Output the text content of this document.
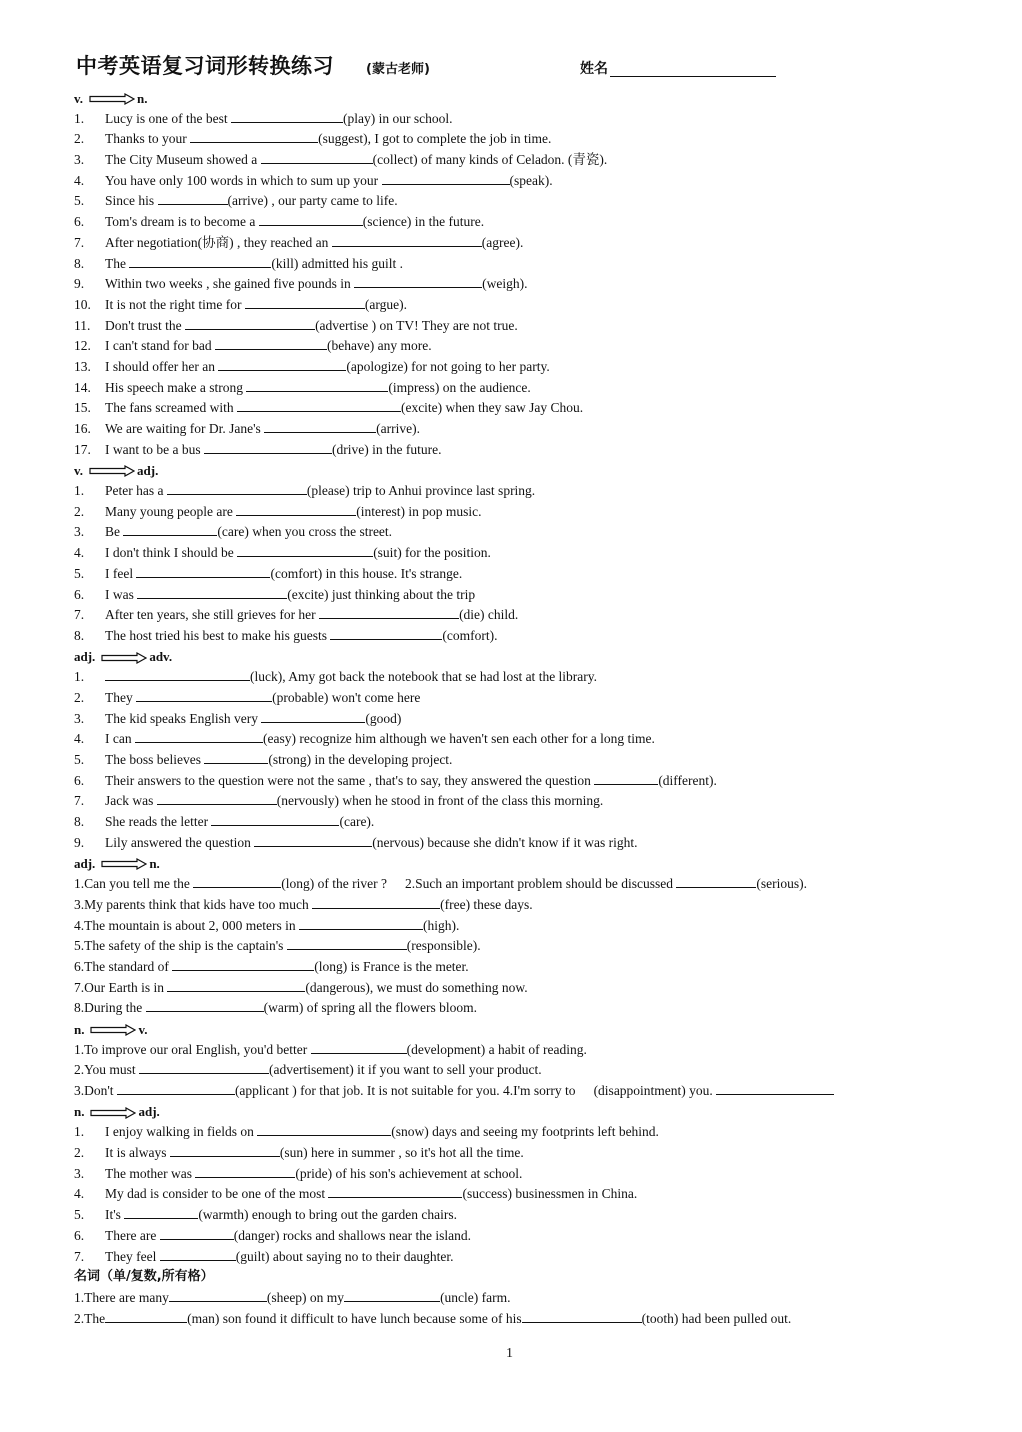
中考英语复习词形转换练习 (蒙古老师)	姓名
v.	n.
1. Lucy is one of the best	(play) in our school.
2. Thanks to your	(suggest), I got to complete the job in time.
3. The City Museum showed a	(collect) of many kinds of Celadon. (青瓷).
4. You have only 100 words in which to sum up your	(speak).
5. Since his	(arrive) , our party came to life.
6. Tom's dream is to become a	(science) in the future.
7. After negotiation(协商) , they reached an	(agree).
8. The	(kill) admitted his guilt .
9. Within two weeks , she gained five pounds in	(weigh).
10. It is not the right time for	(argue).
11. Don't trust the	(advertise ) on TV! They are not true.
12. I can't stand for bad	(behave) any more.
13. I should offer her an	(apologize) for not going to her party.
14. His speech make a strong	(impress) on the audience.
15. The fans screamed with	(excite) when they saw Jay Chou.
16. We are waiting for Dr. Jane's	(arrive).
17. I want to be a bus	(drive) in the future.
v.	adj.
1. Peter has a	(please) trip to Anhui province last spring.
2. Many young people are	(interest) in pop music.
3. Be	(care) when you cross the street.
4. I don't think I should be	(suit) for the position.
5. I feel	(comfort) in this house. It's strange.
6. I was	(excite) just thinking about the trip
7. After ten years, she still grieves for her	(die) child.
8. The host tried his best to make his guests	(comfort).
adj.	adv.
1.	(luck), Amy got back the notebook that se had lost at the library.
2. They	(probable) won't come here
3. The kid speaks English very	(good)
4. I can	(easy) recognize him although we haven't sen each other for a long time.
5. The boss believes	(strong) in the developing project.
6. Their answers to the question were not the same , that's to say, they answered the question	(different).
7. Jack was	(nervously) when he stood in front of the class this morning.
8. She reads the letter	(care).
9. Lily answered the question	(nervous) because she didn't know if it was right.
adj.	n.
1.Can you tell me the	(long) of the river ? 2.Such an important problem should be discussed	(serious).
3.My parents think that kids have too much	(free) these days.
4.The mountain is about 2, 000 meters in	(high).
5.The safety of the ship is the captain's	(responsible).
6.The standard of	(long) is France is the meter.
7.Our Earth is in	(dangerous), we must do something now.
8.During the	(warm) of spring all the flowers bloom.
n.	v.
1.To improve our oral English, you'd better	(development) a habit of reading.
2.You must	(advertisement) it if you want to sell your product.
3.Don't	(applicant ) for that job. It is not suitable for you. 4.I'm sorry to (disappointment) you.
n.	adj.
1. I enjoy walking in fields on	(snow) days and seeing my footprints left behind.
2. It is always	(sun) here in summer , so it's hot all the time.
3. The mother was	(pride) of his son's achievement at school.
4. My dad is consider to be one of the most	(success) businessmen in China.
5. It's	(warmth) enough to bring out the garden chairs.
6. There are	(danger) rocks and shallows near the island.
7. They feel	(guilt) about saying no to their daughter.
名词（单/复数,所有格）
1.There are many	(sheep) on my	(uncle) farm.
2.The	(man) son found it difficult to have lunch because some of his	(tooth) had been pulled out.
1
